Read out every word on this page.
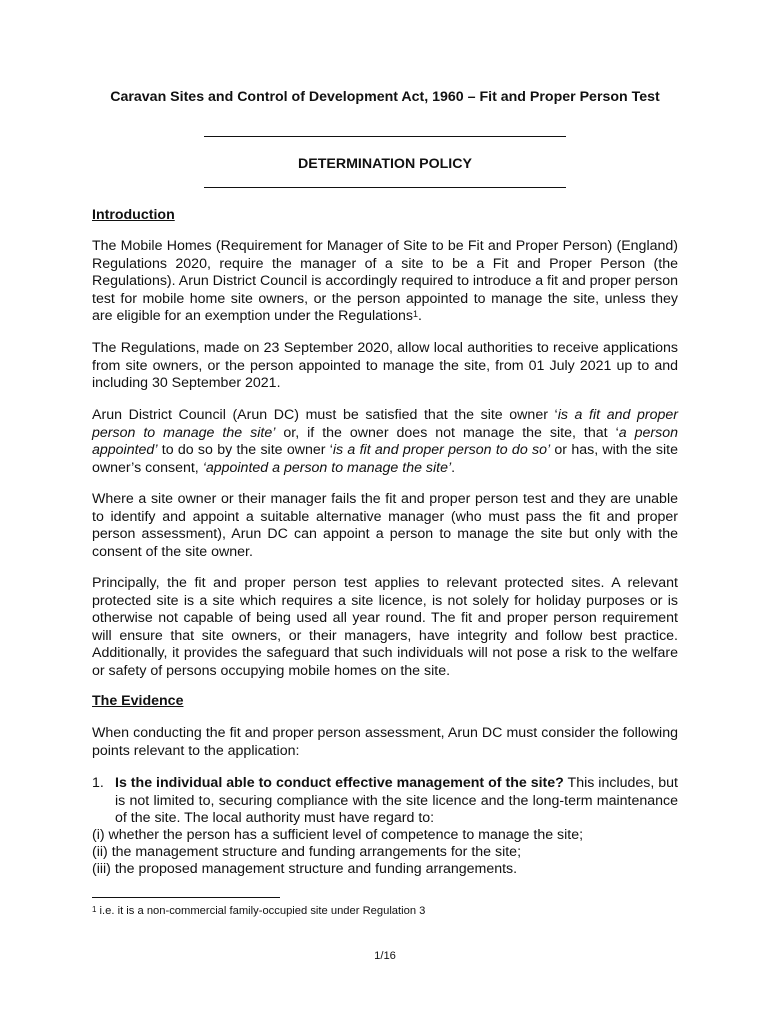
Caravan Sites and Control of Development Act, 1960 – Fit and Proper Person Test
DETERMINATION POLICY
Introduction

The Mobile Homes (Requirement for Manager of Site to be Fit and Proper Person) (England) Regulations 2020, require the manager of a site to be a Fit and Proper Person (the Regulations). Arun District Council is accordingly required to introduce a fit and proper person test for mobile home site owners, or the person appointed to manage the site, unless they are eligible for an exemption under the Regulations$^1$.

The Regulations, made on 23 September 2020, allow local authorities to receive applications from site owners, or the person appointed to manage the site, from 01 July 2021 up to and including 30 September 2021.

Arun District Council (Arun DC) must be satisfied that the site owner ‘is a fit and proper person to manage the site’ or, if the owner does not manage the site, that ‘a person appointed’ to do so by the site owner ‘is a fit and proper person to do so’ or has, with the site owner’s consent, ‘appointed a person to manage the site’.

Where a site owner or their manager fails the fit and proper person test and they are unable to identify and appoint a suitable alternative manager (who must pass the fit and proper person assessment), Arun DC can appoint a person to manage the site but only with the consent of the site owner.

Principally, the fit and proper person test applies to relevant protected sites. A relevant protected site is a site which requires a site licence, is not solely for holiday purposes or is otherwise not capable of being used all year round. The fit and proper person requirement will ensure that site owners, or their managers, have integrity and follow best practice. Additionally, it provides the safeguard that such individuals will not pose a risk to the welfare or safety of persons occupying mobile homes on the site.

The Evidence

When conducting the fit and proper person assessment, Arun DC must consider the following points relevant to the application:

1. Is the individual able to conduct effective management of the site? This includes, but is not limited to, securing compliance with the site licence and the long-term maintenance of the site. The local authority must have regard to:
(i) whether the person has a sufficient level of competence to manage the site;
(ii) the management structure and funding arrangements for the site;
(iii) the proposed management structure and funding arrangements.
$^1$ i.e. it is a non-commercial family-occupied site under Regulation 3
1/16
